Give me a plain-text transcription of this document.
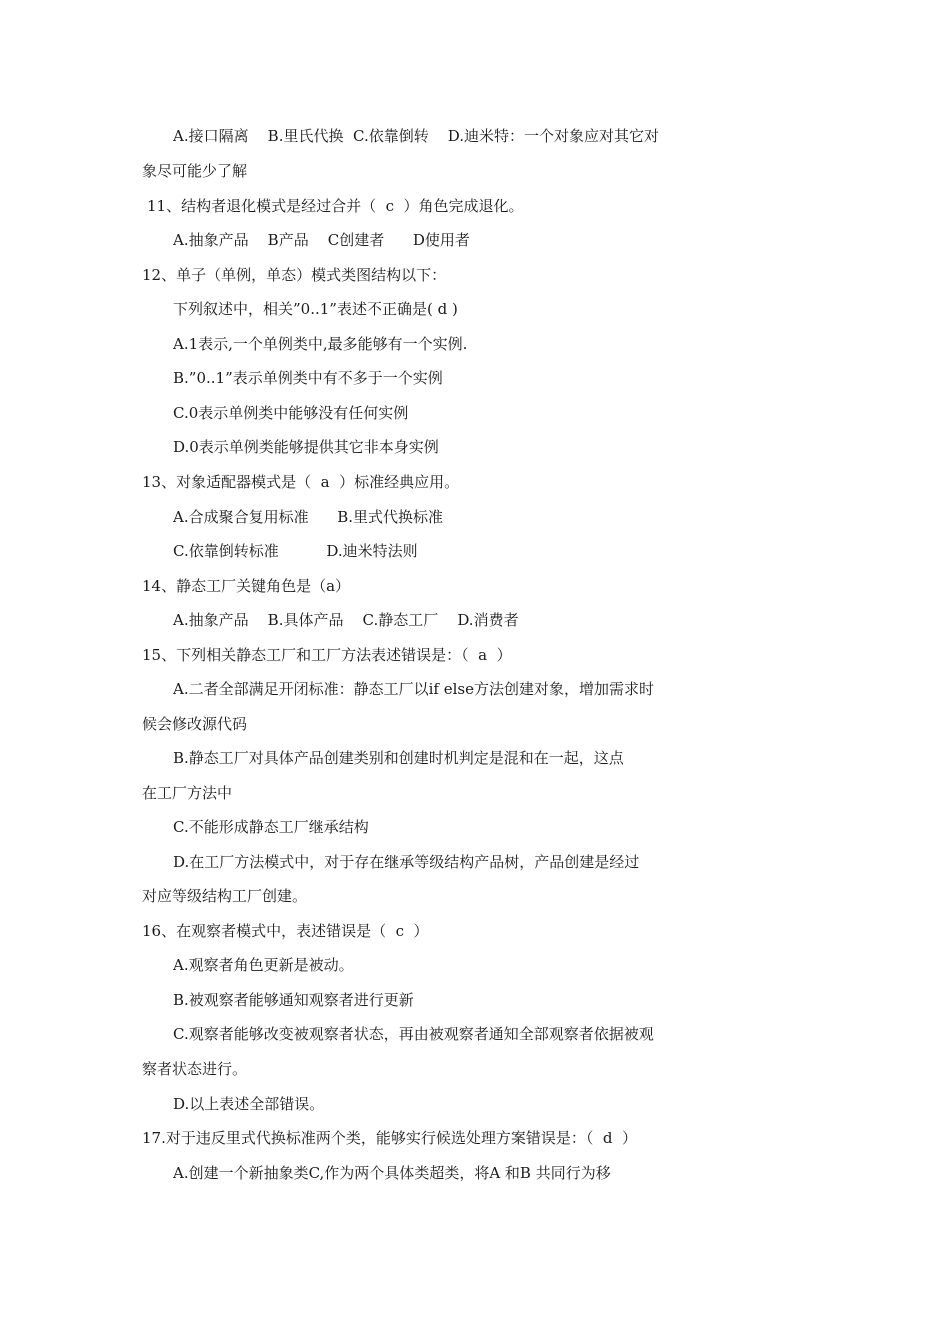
A.接口隔离    B.里氏代换  C.依靠倒转    D.迪米特：一个对象应对其它对
象尽可能少了解
11、结构者退化模式是经过合并（  c  ）角色完成退化。
A.抽象产品    B产品    C创建者      D使用者
12、单子（单例，单态）模式类图结构以下：
下列叙述中，相关”0..1”表述不正确是( d )
A.1表示,一个单例类中,最多能够有一个实例.
B.”0..1”表示单例类中有不多于一个实例
C.0表示单例类中能够没有任何实例
D.0表示单例类能够提供其它非本身实例
13、对象适配器模式是（  a  ）标准经典应用。
A.合成聚合复用标准      B.里式代换标准
C.依靠倒转标准          D.迪米特法则
14、静态工厂关键角色是（a）
A.抽象产品    B.具体产品    C.静态工厂    D.消费者
15、下列相关静态工厂和工厂方法表述错误是：（  a  ）
A.二者全部满足开闭标准：静态工厂以if else方法创建对象，增加需求时
候会修改源代码
B.静态工厂对具体产品创建类别和创建时机判定是混和在一起，这点
在工厂方法中
C.不能形成静态工厂继承结构
D.在工厂方法模式中，对于存在继承等级结构产品树，产品创建是经过
对应等级结构工厂创建。
16、在观察者模式中，表述错误是（  c  ）
A.观察者角色更新是被动。
B.被观察者能够通知观察者进行更新
C.观察者能够改变被观察者状态，再由被观察者通知全部观察者依据被观
察者状态进行。
D.以上表述全部错误。
17.对于违反里式代换标准两个类，能够实行候选处理方案错误是：（  d  ）
A.创建一个新抽象类C,作为两个具体类超类，将A 和B 共同行为移
